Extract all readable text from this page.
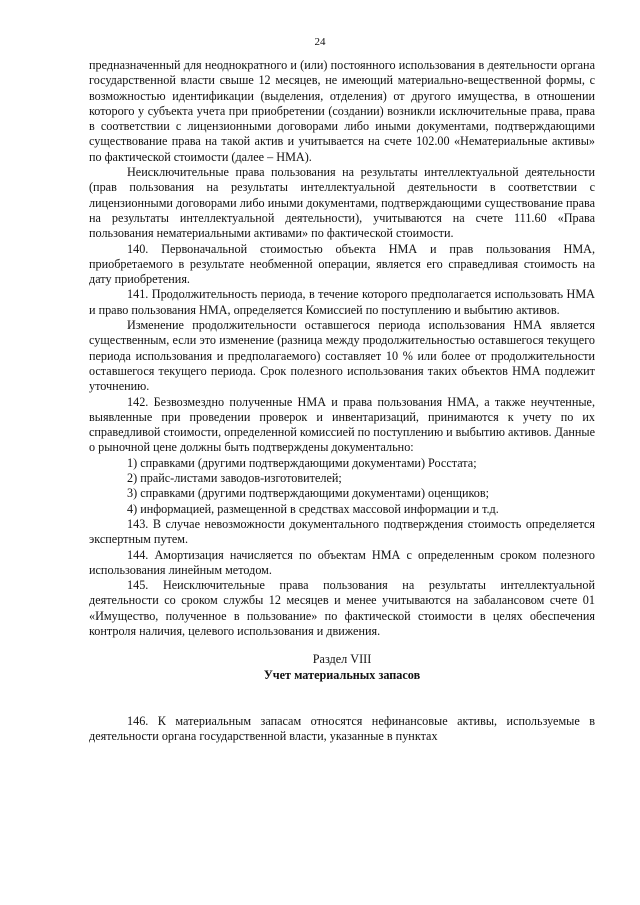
24

предназначенный для неоднократного и (или) постоянного использования в деятельности органа государственной власти свыше 12 месяцев, не имеющий материально-вещественной формы, с возможностью идентификации (выделения, отделения) от другого имущества, в отношении которого у субъекта учета при приобретении (создании) возникли исключительные права, права в соответствии с лицензионными договорами либо иными документами, подтверждающими существование права на такой актив и учитывается на счете 102.00 «Нематериальные активы» по фактической стоимости (далее – НМА).

Неисключительные права пользования на результаты интеллектуальной деятельности (прав пользования на результаты интеллектуальной деятельности в соответствии с лицензионными договорами либо иными документами, подтверждающими существование права на результаты интеллектуальной деятельности), учитываются на счете 111.60 «Права пользования нематериальными активами» по фактической стоимости.

140. Первоначальной стоимостью объекта НМА и прав пользования НМА, приобретаемого в результате необменной операции, является его справедливая стоимость на дату приобретения.

141. Продолжительность периода, в течение которого предполагается использовать НМА и право пользования НМА, определяется Комиссией по поступлению и выбытию активов.

Изменение продолжительности оставшегося периода использования НМА является существенным, если это изменение (разница между продолжительностью оставшегося текущего периода использования и предполагаемого) составляет 10 % или более от продолжительности оставшегося текущего периода. Срок полезного использования таких объектов НМА подлежит уточнению.

142. Безвозмездно полученные НМА и права пользования НМА, а также неучтенные, выявленные при проведении проверок и инвентаризаций, принимаются к учету по их справедливой стоимости, определенной комиссией по поступлению и выбытию активов. Данные о рыночной цене должны быть подтверждены документально:

1) справками (другими подтверждающими документами) Росстата;

2) прайс-листами заводов-изготовителей;

3) справками (другими подтверждающими документами) оценщиков;

4) информацией, размещенной в средствах массовой информации и т.д.

143. В случае невозможности документального подтверждения стоимость определяется экспертным путем.

144. Амортизация начисляется по объектам НМА с определенным сроком полезного использования линейным методом.

145. Неисключительные права пользования на результаты интеллектуальной деятельности со сроком службы 12 месяцев и менее учитываются на забалансовом счете 01 «Имущество, полученное в пользование» по фактической стоимости в целях обеспечения контроля наличия, целевого использования и движения.

Раздел VIII

Учет материальных запасов

146. К материальным запасам относятся нефинансовые активы, используемые в деятельности органа государственной власти, указанные в пунктах
